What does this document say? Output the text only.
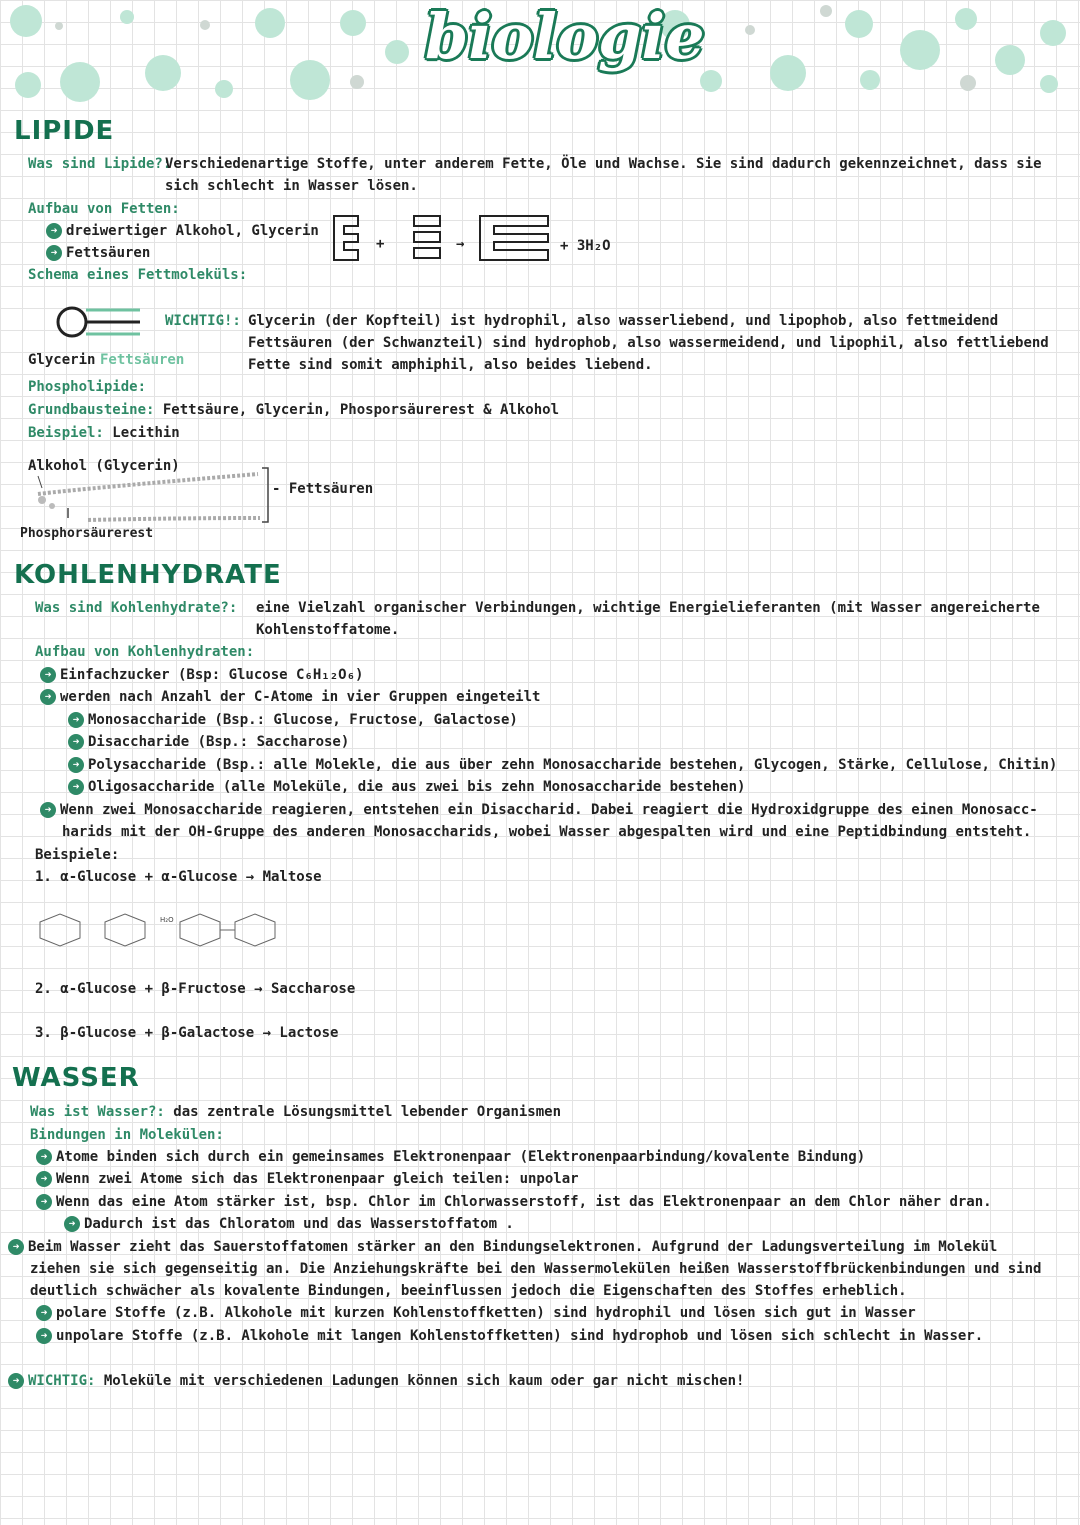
biologie
LIPIDE
Was sind Lipide?:
Verschiedenartige Stoffe, unter anderem Fette, Öle und Wachse. Sie sind dadurch gekennzeichnet, dass sie
sich schlecht in Wasser lösen.
Aufbau von Fetten:
➜ dreiwertiger Alkohol, Glycerin
➜ Fettsäuren
Schema eines Fettmoleküls:
+	→	+ 3H₂O
WICHTIG!: Glycerin (der Kopfteil) ist hydrophil, also wasserliebend, und lipophob, also fettmeidend
Fettsäuren (der Schwanzteil) sind hydrophob, also wassermeidend, und lipophil, also fettliebend
Fette sind somit amphiphil, also beides liebend.
Glycerin Fettsäuren
Phospholipide:
Grundbausteine: Fettsäure, Glycerin, Phosporsäurerest & Alkohol
Beispiel: Lecithin
Alkohol (Glycerin)
- Fettsäuren
Phosphorsäurerest
KOHLENHYDRATE
Was sind Kohlenhydrate?: eine Vielzahl organischer Verbindungen, wichtige Energielieferanten (mit Wasser angereicherte
Kohlenstoffatome.
Aufbau von Kohlenhydraten:
➜ Einfachzucker (Bsp: Glucose C₆H₁₂O₆)
➜ werden nach Anzahl der C-Atome in vier Gruppen eingeteilt
➜ Monosaccharide (Bsp.: Glucose, Fructose, Galactose)
➜ Disaccharide (Bsp.: Saccharose)
➜ Polysaccharide (Bsp.: alle Molekle, die aus über zehn Monosaccharide bestehen, Glycogen, Stärke, Cellulose, Chitin)
➜ Oligosaccharide (alle Moleküle, die aus zwei bis zehn Monosaccharide bestehen)
➜ Wenn zwei Monosaccharide reagieren, entstehen ein Disaccharid. Dabei reagiert die Hydroxidgruppe des einen Monosacc-
harids mit der OH-Gruppe des anderen Monosaccharids, wobei Wasser abgespalten wird und eine Peptidbindung entsteht.
Beispiele:
1. α-Glucose + α-Glucose → Maltose
H₂O
2. α-Glucose + β-Fructose → Saccharose
3. β-Glucose + β-Galactose → Lactose
WASSER
Was ist Wasser?: das zentrale Lösungsmittel lebender Organismen
Bindungen in Molekülen:
➜ Atome binden sich durch ein gemeinsames Elektronenpaar (Elektronenpaarbindung/kovalente Bindung)
➜ Wenn zwei Atome sich das Elektronenpaar gleich teilen: unpolar
➜ Wenn das eine Atom stärker ist, bsp. Chlor im Chlorwasserstoff, ist das Elektronenpaar an dem Chlor näher dran.
➜ Dadurch ist das Chloratom und das Wasserstoffatom .
➜ Beim Wasser zieht das Sauerstoffatomen stärker an den Bindungselektronen. Aufgrund der Ladungsverteilung im Molekül
ziehen sie sich gegenseitig an. Die Anziehungskräfte bei den Wassermolekülen heißen Wasserstoffbrückenbindungen und sind
deutlich schwächer als kovalente Bindungen, beeinflussen jedoch die Eigenschaften des Stoffes erheblich.
➜ polare Stoffe (z.B. Alkohole mit kurzen Kohlenstoffketten) sind hydrophil und lösen sich gut in Wasser
➜ unpolare Stoffe (z.B. Alkohole mit langen Kohlenstoffketten) sind hydrophob und lösen sich schlecht in Wasser.
➜ WICHTIG: Moleküle mit verschiedenen Ladungen können sich kaum oder gar nicht mischen!
